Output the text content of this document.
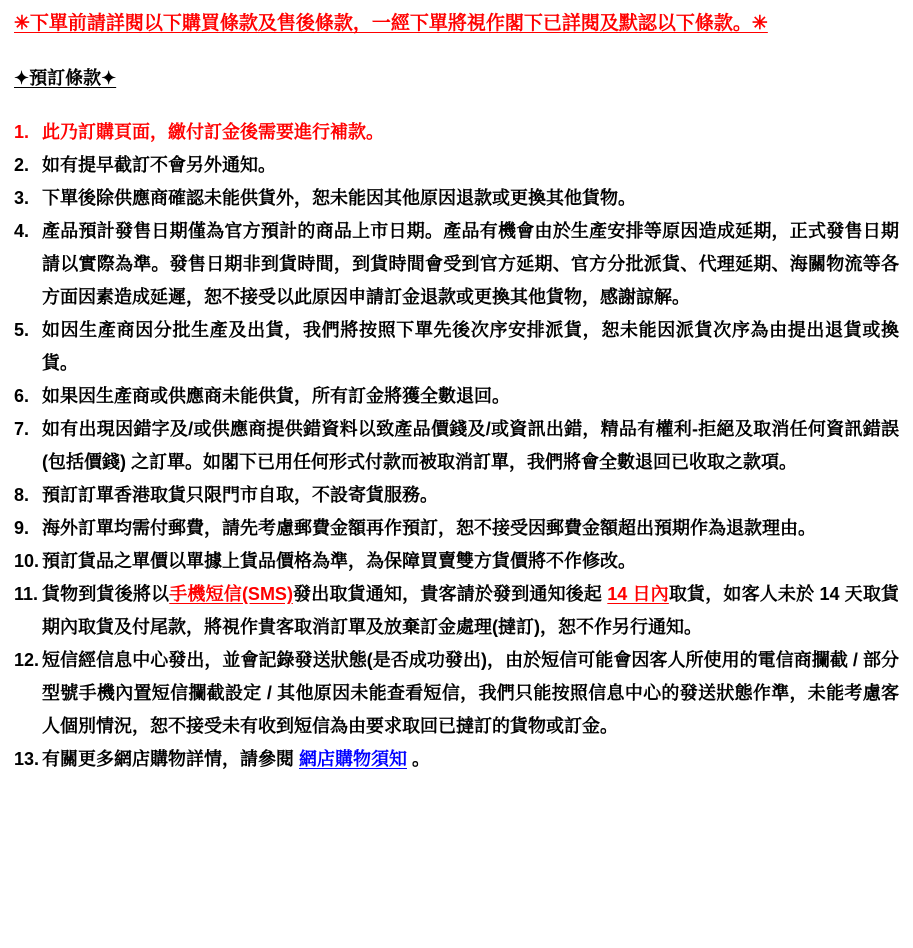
✳下單前請詳閱以下購買條款及售後條款，一經下單將視作閣下已詳閱及默認以下條款。✳
✦預訂條款✦
1. 此乃訂購頁面，繳付訂金後需要進行補款。
2. 如有提早截訂不會另外通知。
3. 下單後除供應商確認未能供貨外，恕未能因其他原因退款或更換其他貨物。
4. 產品預計發售日期僅為官方預計的商品上市日期。產品有機會由於生產安排等原因造成延期，正式發售日期請以實際為準。發售日期非到貨時間，到貨時間會受到官方延期、官方分批派貨、代理延期、海關物流等各方面因素造成延遲，恕不接受以此原因申請訂金退款或更換其他貨物，感謝諒解。
5. 如因生產商因分批生產及出貨，我們將按照下單先後次序安排派貨，恕未能因派貨次序為由提出退貨或換貨。
6. 如果因生產商或供應商未能供貨，所有訂金將獲全數退回。
7. 如有出現因錯字及/或供應商提供錯資料以致產品價錢及/或資訊出錯，精品有權利-拒絕及取消任何資訊錯誤(包括價錢) 之訂單。如閣下已用任何形式付款而被取消訂單，我們將會全數退回已收取之款項。
8. 預訂訂單香港取貨只限門市自取，不設寄貨服務。
9. 海外訂單均需付郵費，請先考慮郵費金額再作預訂，恕不接受因郵費金額超出預期作為退款理由。
10. 預訂貨品之單價以單據上貨品價格為準，為保障買賣雙方貨價將不作修改。
11. 貨物到貨後將以手機短信(SMS)發出取貨通知，貴客請於發到通知後起 14 日內取貨，如客人未於 14 天取貨期內取貨及付尾款，將視作貴客取消訂單及放棄訂金處理(撻訂)，恕不作另行通知。
12. 短信經信息中心發出，並會記錄發送狀態(是否成功發出)，由於短信可能會因客人所使用的電信商攔截 / 部分型號手機內置短信攔截設定 / 其他原因未能查看短信，我們只能按照信息中心的發送狀態作準，未能考慮客人個別情況，恕不接受未有收到短信為由要求取回已撻訂的貨物或訂金。
13. 有關更多網店購物詳情，請參閱 網店購物須知 。
